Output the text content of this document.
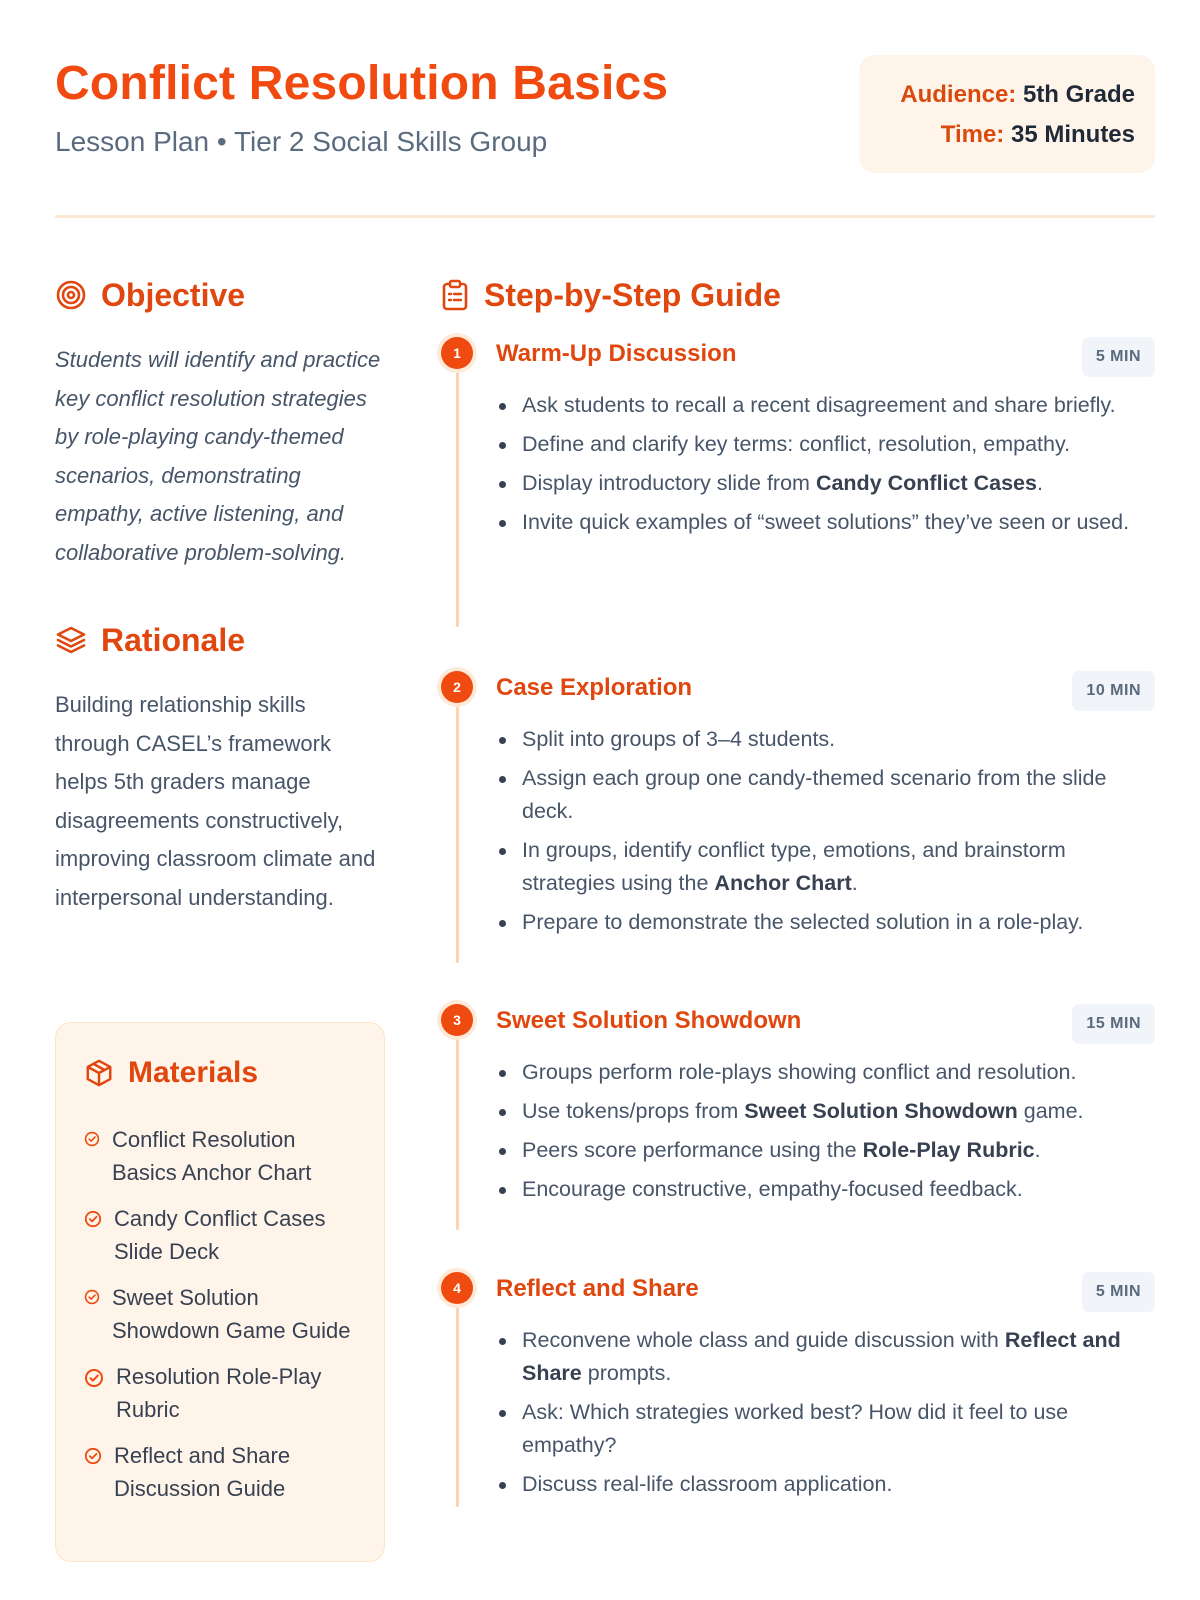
Conflict Resolution Basics
Lesson Plan • Tier 2 Social Skills Group
Audience: 5th Grade
Time: 35 Minutes
Objective

Students will identify and practice key conflict resolution strategies by role-playing candy-themed scenarios, demonstrating empathy, active listening, and collaborative problem-solving.

Rationale

Building relationship skills through CASEL’s framework helps 5th graders manage disagreements constructively, improving classroom climate and interpersonal understanding.

Materials
Conflict Resolution Basics Anchor Chart
Candy Conflict Cases Slide Deck
Sweet Solution Showdown Game Guide
Resolution Role-Play Rubric
Reflect and Share Discussion Guide
Step-by-Step Guide
1	Warm-Up Discussion	5 MIN
Ask students to recall a recent disagreement and share briefly.
Define and clarify key terms: conflict, resolution, empathy.
Display introductory slide from Candy Conflict Cases.
Invite quick examples of “sweet solutions” they’ve seen or used.
2	Case Exploration	10 MIN
Split into groups of 3–4 students.
Assign each group one candy-themed scenario from the slide deck.
In groups, identify conflict type, emotions, and brainstorm strategies using the Anchor Chart.
Prepare to demonstrate the selected solution in a role-play.
3	Sweet Solution Showdown	15 MIN
Groups perform role-plays showing conflict and resolution.
Use tokens/props from Sweet Solution Showdown game.
Peers score performance using the Role-Play Rubric.
Encourage constructive, empathy-focused feedback.
4	Reflect and Share	5 MIN
Reconvene whole class and guide discussion with Reflect and Share prompts.
Ask: Which strategies worked best? How did it feel to use empathy?
Discuss real-life classroom application.
